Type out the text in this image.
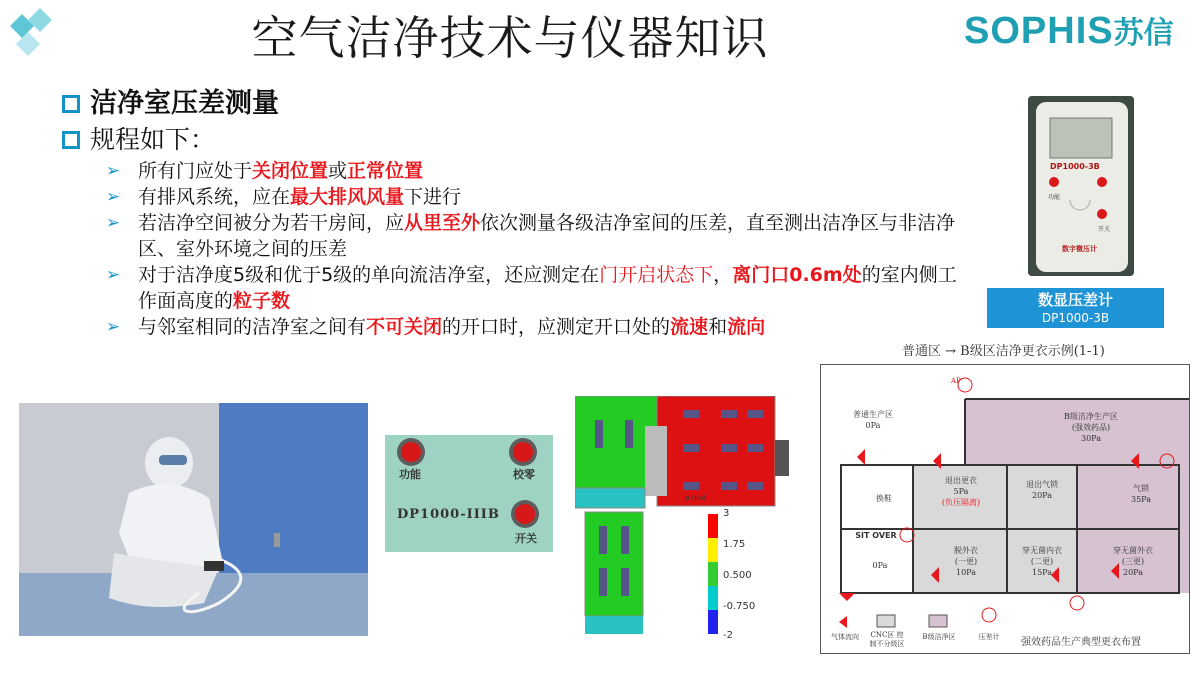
空气洁净技术与仪器知识	SOPHIS苏信
洁净室压差测量
规程如下：
➢ 所有门应处于关闭位置或正常位置
➢ 有排风系统，应在最大排风风量下进行
➢ 若洁净空间被分为若干房间，应从里至外依次测量各级洁净室间的压差，直至测出洁净区与非洁净区、室外环境之间的压差
➢ 对于洁净度5级和优于5级的单向流洁净室，还应测定在门开启状态下，离门口0.6m处的室内侧工作面高度的粒子数
➢ 与邻室相同的洁净室之间有不可关闭的开口时，应测定开口处的流速和流向
DP1000-3B
功能
开关
数字微压计
数显压差计
DP1000-3B
功能	校零
DP1000-IIIB
开关
p (pa)
3
1.75
0.500
-0.750
-2
普通区 → B级区洁净更衣示例(1-1)
AP
普通生产区
0Pa
B级洁净生产区
(强效药品)
30Pa
换鞋
退出更衣
5Pa
(负压隔离)
退出气锁
20Pa
气锁
35Pa
SIT OVER
0Pa
脱外衣
(一更)
10Pa
穿无菌内衣
(二更)
15Pa
穿无菌外衣
(三更)
20Pa
气体流向	CNC区 控制不分级区
B级洁净区	压差计	强效药品生产典型更衣布置
